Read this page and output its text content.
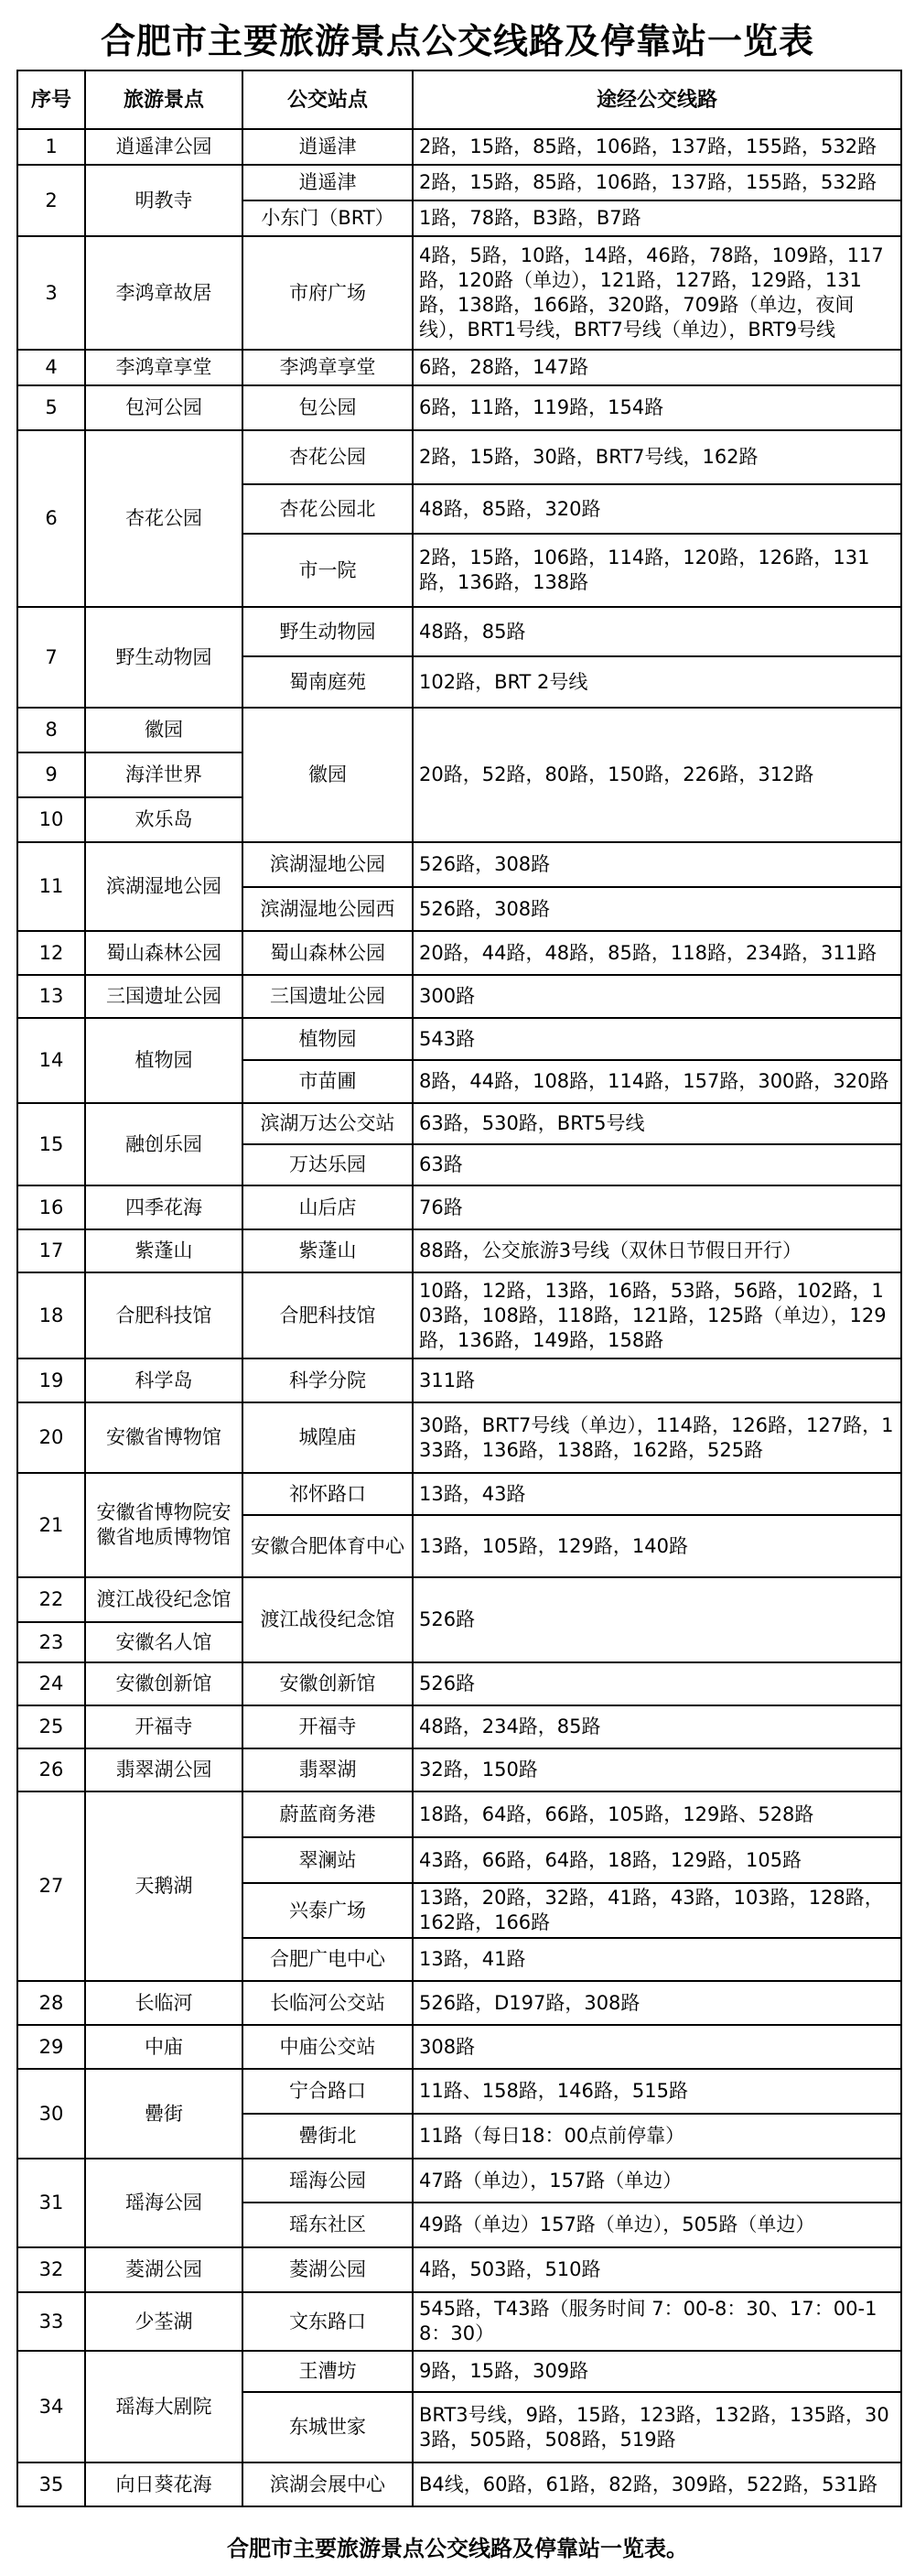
合肥市主要旅游景点公交线路及停靠站一览表
序号	旅游景点	公交站点	途经公交线路
1	逍遥津公园	逍遥津	2路，15路，85路，106路，137路，155路，532路
2	明教寺	逍遥津	2路，15路，85路，106路，137路，155路，532路
		小东门（BRT）	1路，78路，B3路，B7路
3	李鸿章故居	市府广场	4路，5路，10路，14路，46路，78路，109路，117路，120路（单边），121路，127路，129路，131路，138路，166路，320路，709路（单边，夜间线），BRT1号线，BRT7号线（单边），BRT9号线
4	李鸿章享堂	李鸿章享堂	6路，28路，147路
5	包河公园	包公园	6路，11路，119路，154路
6	杏花公园	杏花公园	2路，15路，30路，BRT7号线，162路
		杏花公园北	48路，85路，320路
		市一院	2路，15路，106路，114路，120路，126路，131路，136路，138路
7	野生动物园	野生动物园	48路，85路
		蜀南庭苑	102路，BRT 2号线
8	徽园	徽园	20路，52路，80路，150路，226路，312路
9	海洋世界		
10	欢乐岛		
11	滨湖湿地公园	滨湖湿地公园	526路，308路
		滨湖湿地公园西	526路，308路
12	蜀山森林公园	蜀山森林公园	20路，44路，48路，85路，118路，234路，311路
13	三国遗址公园	三国遗址公园	300路
14	植物园	植物园	543路
		市苗圃	8路，44路，108路，114路，157路，300路，320路
15	融创乐园	滨湖万达公交站	63路，530路，BRT5号线
		万达乐园	63路
16	四季花海	山后店	76路
17	紫蓬山	紫蓬山	88路，公交旅游3号线（双休日节假日开行）
18	合肥科技馆	合肥科技馆	10路，12路，13路，16路，53路，56路，102路，103路，108路，118路，121路，125路（单边），129路，136路，149路，158路
19	科学岛	科学分院	311路
20	安徽省博物馆	城隍庙	30路，BRT7号线（单边），114路，126路，127路，133路，136路，138路，162路，525路
21	安徽省博物院安徽省地质博物馆	祁怀路口	13路，43路
		安徽合肥体育中心	13路，105路，129路，140路
22	渡江战役纪念馆	渡江战役纪念馆	526路
23	安徽名人馆		
24	安徽创新馆	安徽创新馆	526路
25	开福寺	开福寺	48路，234路，85路
26	翡翠湖公园	翡翠湖	32路，150路
27	天鹅湖	蔚蓝商务港	18路，64路，66路，105路，129路、528路
		翠澜站	43路，66路，64路，18路，129路，105路
		兴泰广场	13路，20路，32路，41路，43路，103路，128路，162路，166路
		合肥广电中心	13路，41路
28	长临河	长临河公交站	526路，D197路，308路
29	中庙	中庙公交站	308路
30	罍街	宁合路口	11路、158路，146路，515路
		罍街北	11路（每日18：00点前停靠）
31	瑶海公园	瑶海公园	47路（单边），157路（单边）
		瑶东社区	49路（单边）157路（单边），505路（单边）
32	菱湖公园	菱湖公园	4路，503路，510路
33	少荃湖	文东路口	545路，T43路（服务时间 7：00-8：30、17：00-18：30）
34	瑶海大剧院	王漕坊	9路，15路，309路
		东城世家	BRT3号线，9路，15路，123路，132路，135路，303路，505路，508路，519路
35	向日葵花海	滨湖会展中心	B4线，60路，61路，82路，309路，522路，531路
合肥市主要旅游景点公交线路及停靠站一览表。
